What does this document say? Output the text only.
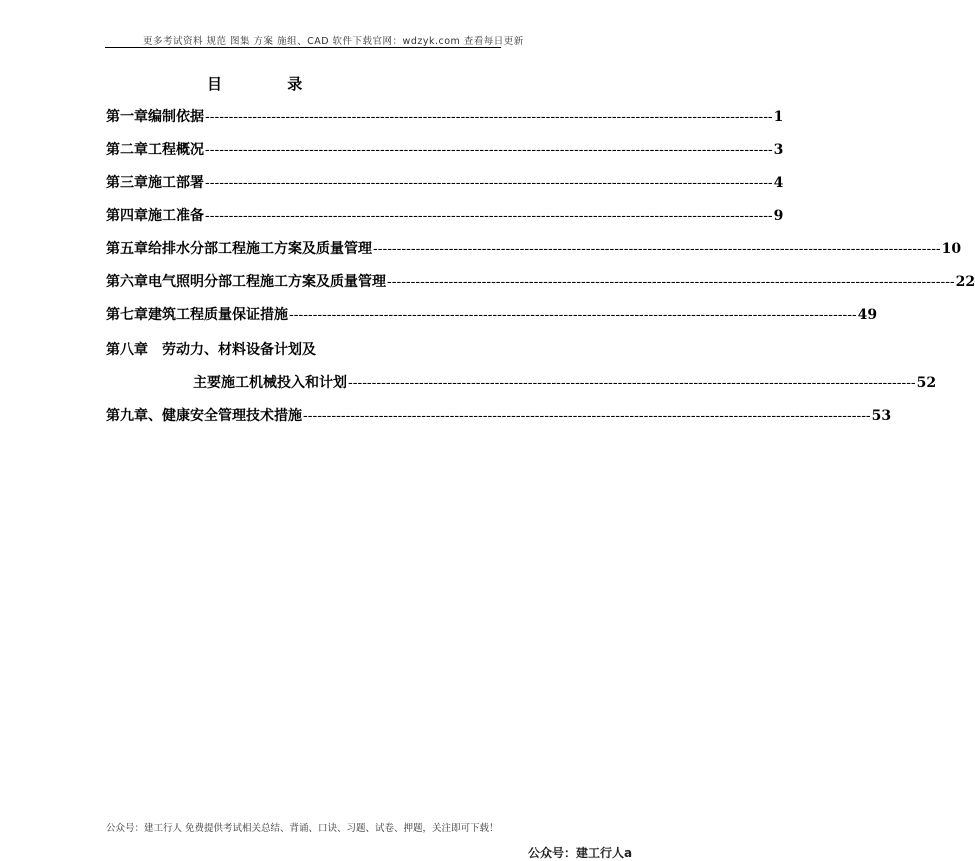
更多考试资料 规范 图集 方案 施组、CAD 软件下载官网：wdzyk.com 查看每日更新
目 录
第一章 编制依据 ------------------------------------------------------------------------------------------------------------------------ 1
第二章 工程概况 ------------------------------------------------------------------------------------------------------------------------ 3
第三章 施工部署 ------------------------------------------------------------------------------------------------------------------------ 4
第四章 施工准备 ------------------------------------------------------------------------------------------------------------------------ 9
第五章 给排水分部工程施工方案及质量管理 ------------------------------------------------------------------------------------------------------------------------ 10
第六章 电气照明分部工程施工方案及质量管理 ------------------------------------------------------------------------------------------------------------------------ 22
第七章 建筑工程质量保证措施 ------------------------------------------------------------------------------------------------------------------------ 49
第八章 劳动力、材料设备计划及
主要施工机械投入和计划 ------------------------------------------------------------------------------------------------------------------------ 52
第九章、 健康安全管理技术措施 ------------------------------------------------------------------------------------------------------------------------ 53
公众号：建工行人 免费提供考试相关总结、背诵、口诀、习题、试卷、押题，关注即可下载！
公众号：建工行人a
